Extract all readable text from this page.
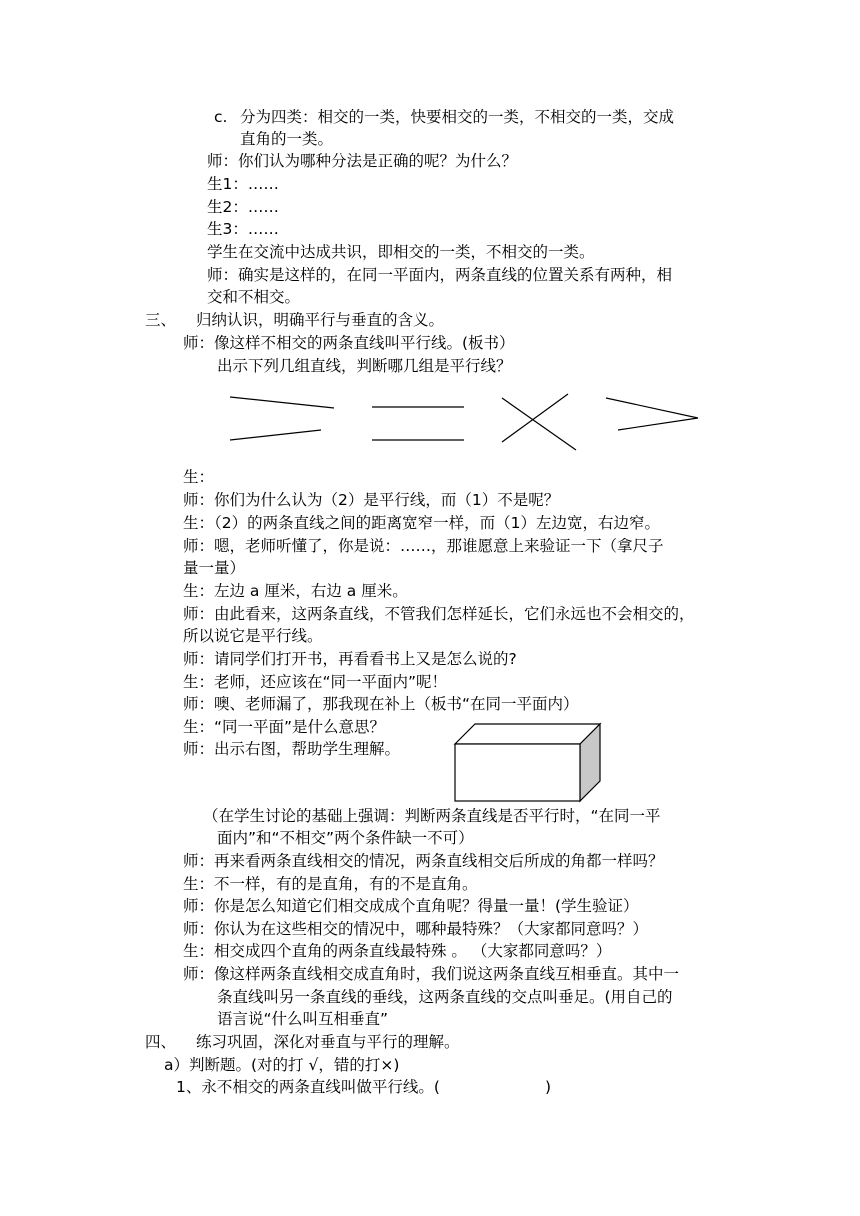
c. 分为四类：相交的一类，快要相交的一类，不相交的一类，交成

直角的一类。

师：你们认为哪种分法是正确的呢？为什么？

生1：……

生2：……

生3：……

学生在交流中达成共识，即相交的一类，不相交的一类。

师：确实是这样的，在同一平面内，两条直线的位置关系有两种，相

交和不相交。

三、 归纳认识，明确平行与垂直的含义。

师：像这样不相交的两条直线叫平行线。(板书）

出示下列几组直线，判断哪几组是平行线？

生：

师：你们为什么认为（2）是平行线，而（1）不是呢？

生：（2）的两条直线之间的距离宽窄一样，而（1）左边宽，右边窄。

师：嗯，老师听懂了，你是说：……，那谁愿意上来验证一下（拿尺子

量一量）

生：左边 a 厘米，右边 a 厘米。

师：由此看来，这两条直线，不管我们怎样延长，它们永远也不会相交的，

所以说它是平行线。

师：请同学们打开书，再看看书上又是怎么说的?

生：老师，还应该在“同一平面内”呢！

师：噢、老师漏了，那我现在补上（板书“在同一平面内）

生：“同一平面”是什么意思？

师：出示右图，帮助学生理解。

（在学生讨论的基础上强调：判断两条直线是否平行时，“在同一平

面内”和“不相交”两个条件缺一不可）

师：再来看两条直线相交的情况，两条直线相交后所成的角都一样吗？

生：不一样，有的是直角，有的不是直角。

师：你是怎么知道它们相交成成个直角呢？得量一量！(学生验证）

师：你认为在这些相交的情况中，哪种最特殊？（大家都同意吗？）

生：相交成四个直角的两条直线最特殊 。 （大家都同意吗？）

师：像这样两条直线相交成直角时，我们说这两条直线互相垂直。其中一

条直线叫另一条直线的垂线，这两条直线的交点叫垂足。(用自己的

语言说“什么叫互相垂直”

四、 练习巩固，深化对垂直与平行的理解。

a）判断题。(对的打 √，错的打×)

1、永不相交的两条直线叫做平行线。(	)
